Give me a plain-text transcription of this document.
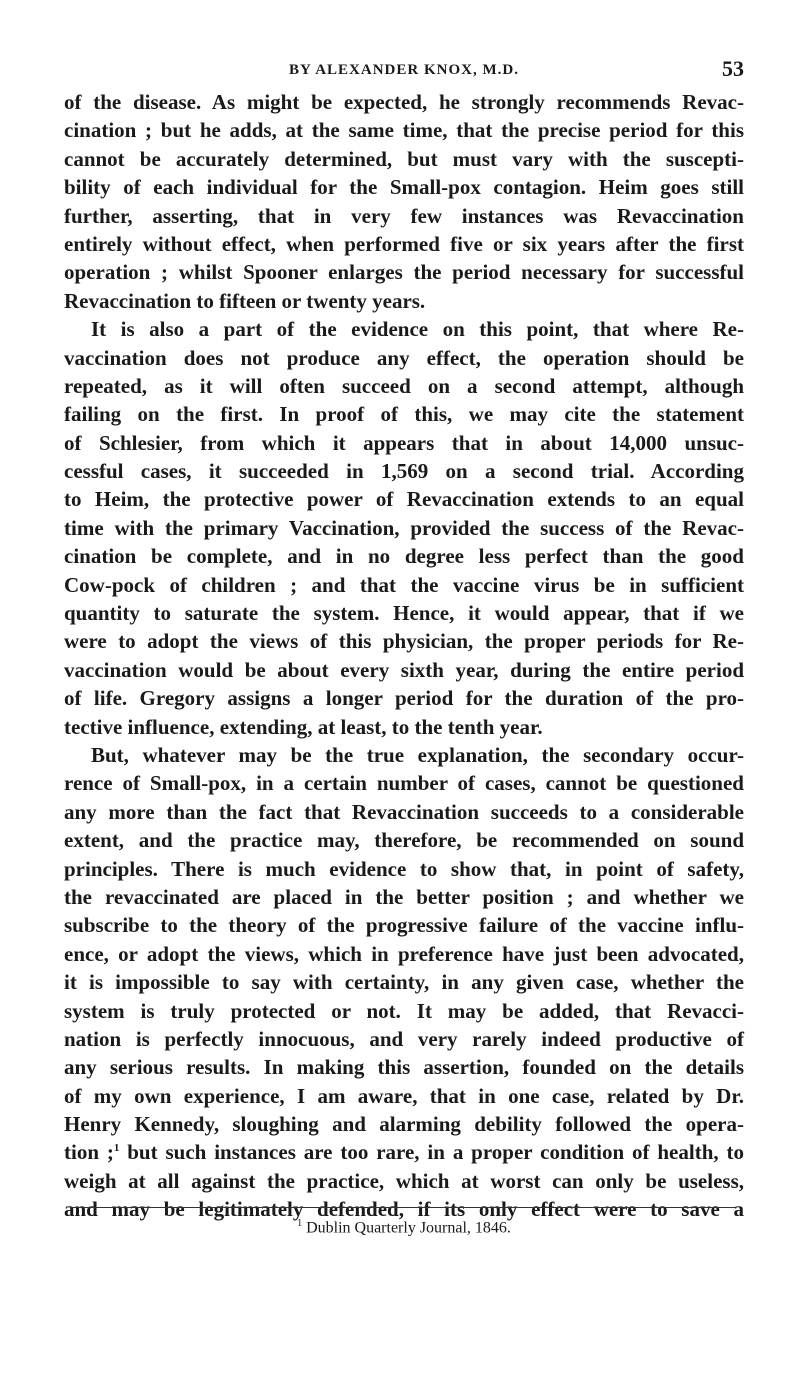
BY ALEXANDER KNOX, M.D.	53

of the disease. As might be expected, he strongly recommends Revac-
cination ; but he adds, at the same time, that the precise period for this
cannot be accurately determined, but must vary with the suscepti-
bility of each individual for the Small-pox contagion. Heim goes still
further, asserting, that in very few instances was Revaccination
entirely without effect, when performed five or six years after the first
operation ; whilst Spooner enlarges the period necessary for successful
Revaccination to fifteen or twenty years.

It is also a part of the evidence on this point, that where Re-
vaccination does not produce any effect, the operation should be
repeated, as it will often succeed on a second attempt, although
failing on the first. In proof of this, we may cite the statement
of Schlesier, from which it appears that in about 14,000 unsuc-
cessful cases, it succeeded in 1,569 on a second trial. According
to Heim, the protective power of Revaccination extends to an equal
time with the primary Vaccination, provided the success of the Revac-
cination be complete, and in no degree less perfect than the good
Cow-pock of children ; and that the vaccine virus be in sufficient
quantity to saturate the system. Hence, it would appear, that if we
were to adopt the views of this physician, the proper periods for Re-
vaccination would be about every sixth year, during the entire period
of life. Gregory assigns a longer period for the duration of the pro-
tective influence, extending, at least, to the tenth year.

But, whatever may be the true explanation, the secondary occur-
rence of Small-pox, in a certain number of cases, cannot be questioned
any more than the fact that Revaccination succeeds to a considerable
extent, and the practice may, therefore, be recommended on sound
principles. There is much evidence to show that, in point of safety,
the revaccinated are placed in the better position ; and whether we
subscribe to the theory of the progressive failure of the vaccine influ-
ence, or adopt the views, which in preference have just been advocated,
it is impossible to say with certainty, in any given case, whether the
system is truly protected or not. It may be added, that Revacci-
nation is perfectly innocuous, and very rarely indeed productive of
any serious results. In making this assertion, founded on the details
of my own experience, I am aware, that in one case, related by Dr.
Henry Kennedy, sloughing and alarming debility followed the opera-
tion ;$^1$ but such instances are too rare, in a proper condition of health, to
weigh at all against the practice, which at worst can only be useless,
and may be legitimately defended, if its only effect were to save a

$^1$ Dublin Quarterly Journal, 1846.
